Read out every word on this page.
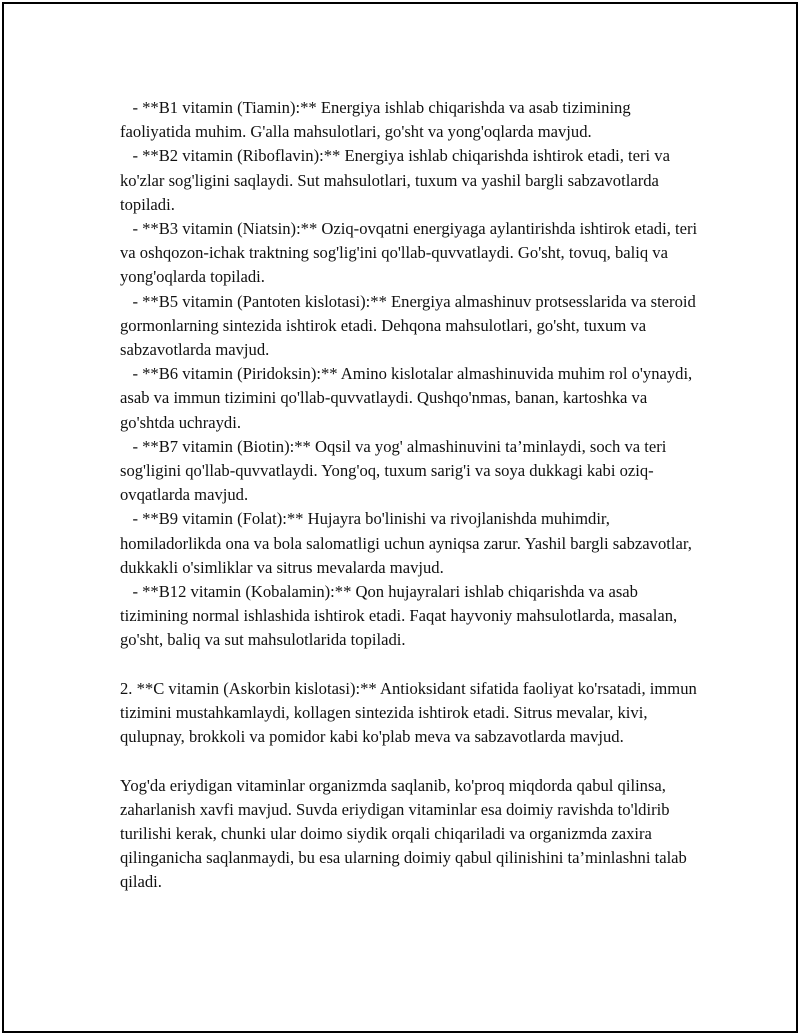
- **B1 vitamin (Tiamin):** Energiya ishlab chiqarishda va asab tizimining faoliyatida muhim. G'alla mahsulotlari, go'sht va yong'oqlarda mavjud.

- **B2 vitamin (Riboflavin):** Energiya ishlab chiqarishda ishtirok etadi, teri va ko'zlar sog'ligini saqlaydi. Sut mahsulotlari, tuxum va yashil bargli sabzavotlarda topiladi.

- **B3 vitamin (Niatsin):** Oziq-ovqatni energiyaga aylantirishda ishtirok etadi, teri va oshqozon-ichak traktning sog'lig'ini qo'llab-quvvatlaydi. Go'sht, tovuq, baliq va yong'oqlarda topiladi.

- **B5 vitamin (Pantoten kislotasi):** Energiya almashinuv protsesslarida va steroid gormonlarning sintezida ishtirok etadi. Dehqona mahsulotlari, go'sht, tuxum va sabzavotlarda mavjud.

- **B6 vitamin (Piridoksin):** Amino kislotalar almashinuvida muhim rol o'ynaydi, asab va immun tizimini qo'llab-quvvatlaydi. Qushqo'nmas, banan, kartoshka va go'shtda uchraydi.

- **B7 vitamin (Biotin):** Oqsil va yog' almashinuvini ta’minlaydi, soch va teri sog'ligini qo'llab-quvvatlaydi. Yong'oq, tuxum sarig'i va soya dukkagi kabi oziq-ovqatlarda mavjud.

- **B9 vitamin (Folat):** Hujayra bo'linishi va rivojlanishda muhimdir, homiladorlikda ona va bola salomatligi uchun ayniqsa zarur. Yashil bargli sabzavotlar, dukkakli o'simliklar va sitrus mevalarda mavjud.

- **B12 vitamin (Kobalamin):** Qon hujayralari ishlab chiqarishda va asab tizimining normal ishlashida ishtirok etadi. Faqat hayvoniy mahsulotlarda, masalan, go'sht, baliq va sut mahsulotlarida topiladi.

2. **C vitamin (Askorbin kislotasi):** Antioksidant sifatida faoliyat ko'rsatadi, immun tizimini mustahkamlaydi, kollagen sintezida ishtirok etadi. Sitrus mevalar, kivi, qulupnay, brokkoli va pomidor kabi ko'plab meva va sabzavotlarda mavjud.

Yog'da eriydigan vitaminlar organizmda saqlanib, ko'proq miqdorda qabul qilinsa, zaharlanish xavfi mavjud. Suvda eriydigan vitaminlar esa doimiy ravishda to'ldirib turilishi kerak, chunki ular doimo siydik orqali chiqariladi va organizmda zaxira qilinganicha saqlanmaydi, bu esa ularning doimiy qabul qilinishini ta’minlashni talab qiladi.
